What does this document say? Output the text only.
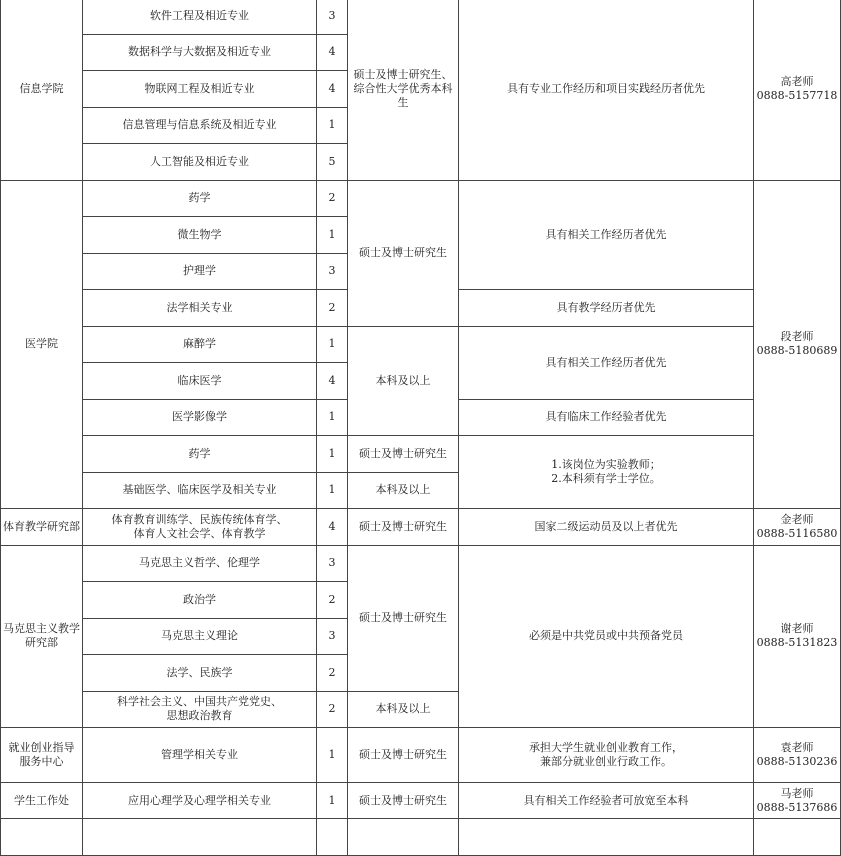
信息学院	软件工程及相近专业	3	硕士及博士研究生、
综合性大学优秀本科生	具有专业工作经历和项目实践经历者优先	高老师
0888-5157718
	数据科学与大数据及相近专业	4			
	物联网工程及相近专业	4			
	信息管理与信息系统及相近专业	1			
	人工智能及相近专业	5			
医学院	药学	2	硕士及博士研究生	具有相关工作经历者优先	段老师
0888-5180689
	微生物学	1			
	护理学	3			
	法学相关专业	2		具有教学经历者优先	
	麻醉学	1	本科及以上	具有相关工作经历者优先	
	临床医学	4			
	医学影像学	1		具有临床工作经验者优先	
	药学	1	硕士及博士研究生	1.该岗位为实验教师；
2.本科须有学士学位。	
	基础医学、临床医学及相关专业	1	本科及以上		
体育教学研究部	体育教育训练学、民族传统体育学、
体育人文社会学、体育教学	4	硕士及博士研究生	国家二级运动员及以上者优先	金老师
0888-5116580
马克思主义教学
研究部	马克思主义哲学、伦理学	3	硕士及博士研究生	必须是中共党员或中共预备党员	谢老师
0888-5131823
	政治学	2			
	马克思主义理论	3			
	法学、民族学	2			
	科学社会主义、中国共产党党史、
思想政治教育	2	本科及以上		
就业创业指导
服务中心	管理学相关专业	1	硕士及博士研究生	承担大学生就业创业教育工作，
兼部分就业创业行政工作。	袁老师
0888-5130236
学生工作处	应用心理学及心理学相关专业	1	硕士及博士研究生	具有相关工作经验者可放宽至本科	马老师
0888-5137686
